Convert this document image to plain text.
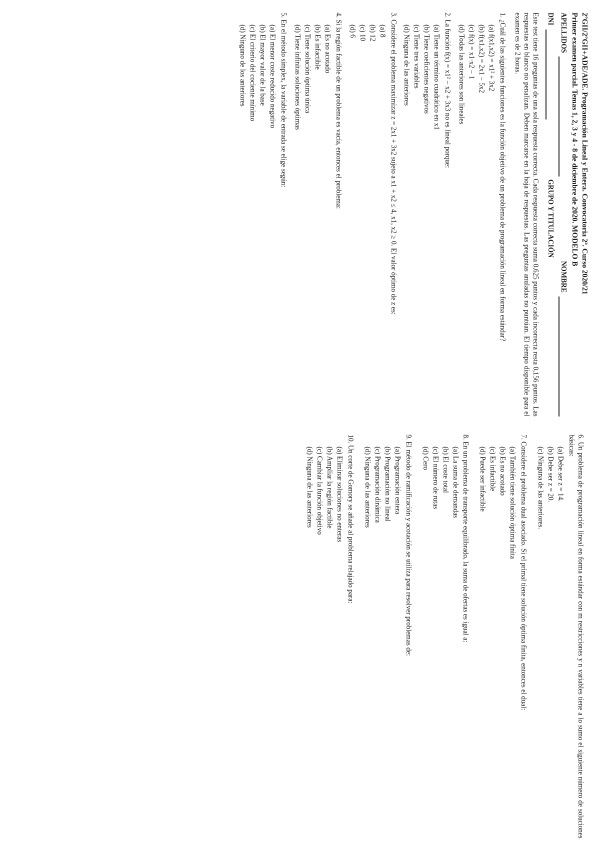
2ºGII/2ºGII+ADE/ADE. Programación Lineal y Entera. Convocatoria 2ª. Curso 2020/21

Primer examen parcial. Temas 1, 2, 3 y 4 - 8 de diciembre de 2020. MODELO B

APELLIDOS
NOMBRE
DNI
GRUPO Y TITULACIÓN

Este test tiene 16 preguntas de una sola respuesta correcta. Cada respuesta correcta suma 0,625 puntos y cada incorrecta resta 0,156 puntos. Las respuestas en blanco no penalizan. Deben marcarse en la hoja de respuestas. Las preguntas anuladas no puntúan. El tiempo disponible para el examen es de 2 horas.

1. ¿Cuál de las siguientes funciones es la función objetivo de un problema de programación lineal en forma estándar?

(a) f(x1,x2) = x1² + 3x2

(b) f(x1,x2) = 2x1 − 5x2

(c) f(x) = x1·x2 − 1

(d) Todas las anteriores son lineales

2. La función f(x) = x1² − x2 + 3x3 no es lineal porque:

(a) Tiene un término cuadrático en x1

(b) Tiene coeficientes negativos

(c) Tiene tres variables

(d) Ninguna de las anteriores

3. Considere el problema maximizar z = 2x1 + 3x2 sujeto a x1 + x2 ≤ 4, x1, x2 ≥ 0. El valor óptimo de z es:

(a) 8

(b) 12

(c) 10

(d) 6

4. Si la región factible de un problema es vacía, entonces el problema:

(a) Es no acotado

(b) Es infactible

(c) Tiene solución óptima única

(d) Tiene infinitas soluciones óptimas

5. En el método símplex, la variable de entrada se elige según:

(a) El menor coste reducido negativo

(b) El mayor valor de la base

(c) El criterio del cociente mínimo

(d) Ninguno de los anteriores

6. Un problema de programación lineal en forma estándar con m restricciones y n variables tiene a lo sumo el siguiente número de soluciones básicas:

(a) Debe ser z = 14.

(b) Debe ser z = 20.

(c) Ninguna de las anteriores.

7. Considere el problema dual asociado. Si el primal tiene solución óptima finita, entonces el dual:

(a) También tiene solución óptima finita

(b) Es no acotado

(c) Es infactible

(d) Puede ser infactible

8. En un problema de transporte equilibrado, la suma de ofertas es igual a:

(a) La suma de demandas

(b) El coste total

(c) El número de rutas

(d) Cero

9. El método de ramificación y acotación se utiliza para resolver problemas de:

(a) Programación entera

(b) Programación no lineal

(c) Programación dinámica

(d) Ninguna de las anteriores

10. Un corte de Gomory se añade al problema relajado para:

(a) Eliminar soluciones no enteras

(b) Ampliar la región factible

(c) Cambiar la función objetivo

(d) Ninguna de las anteriores
